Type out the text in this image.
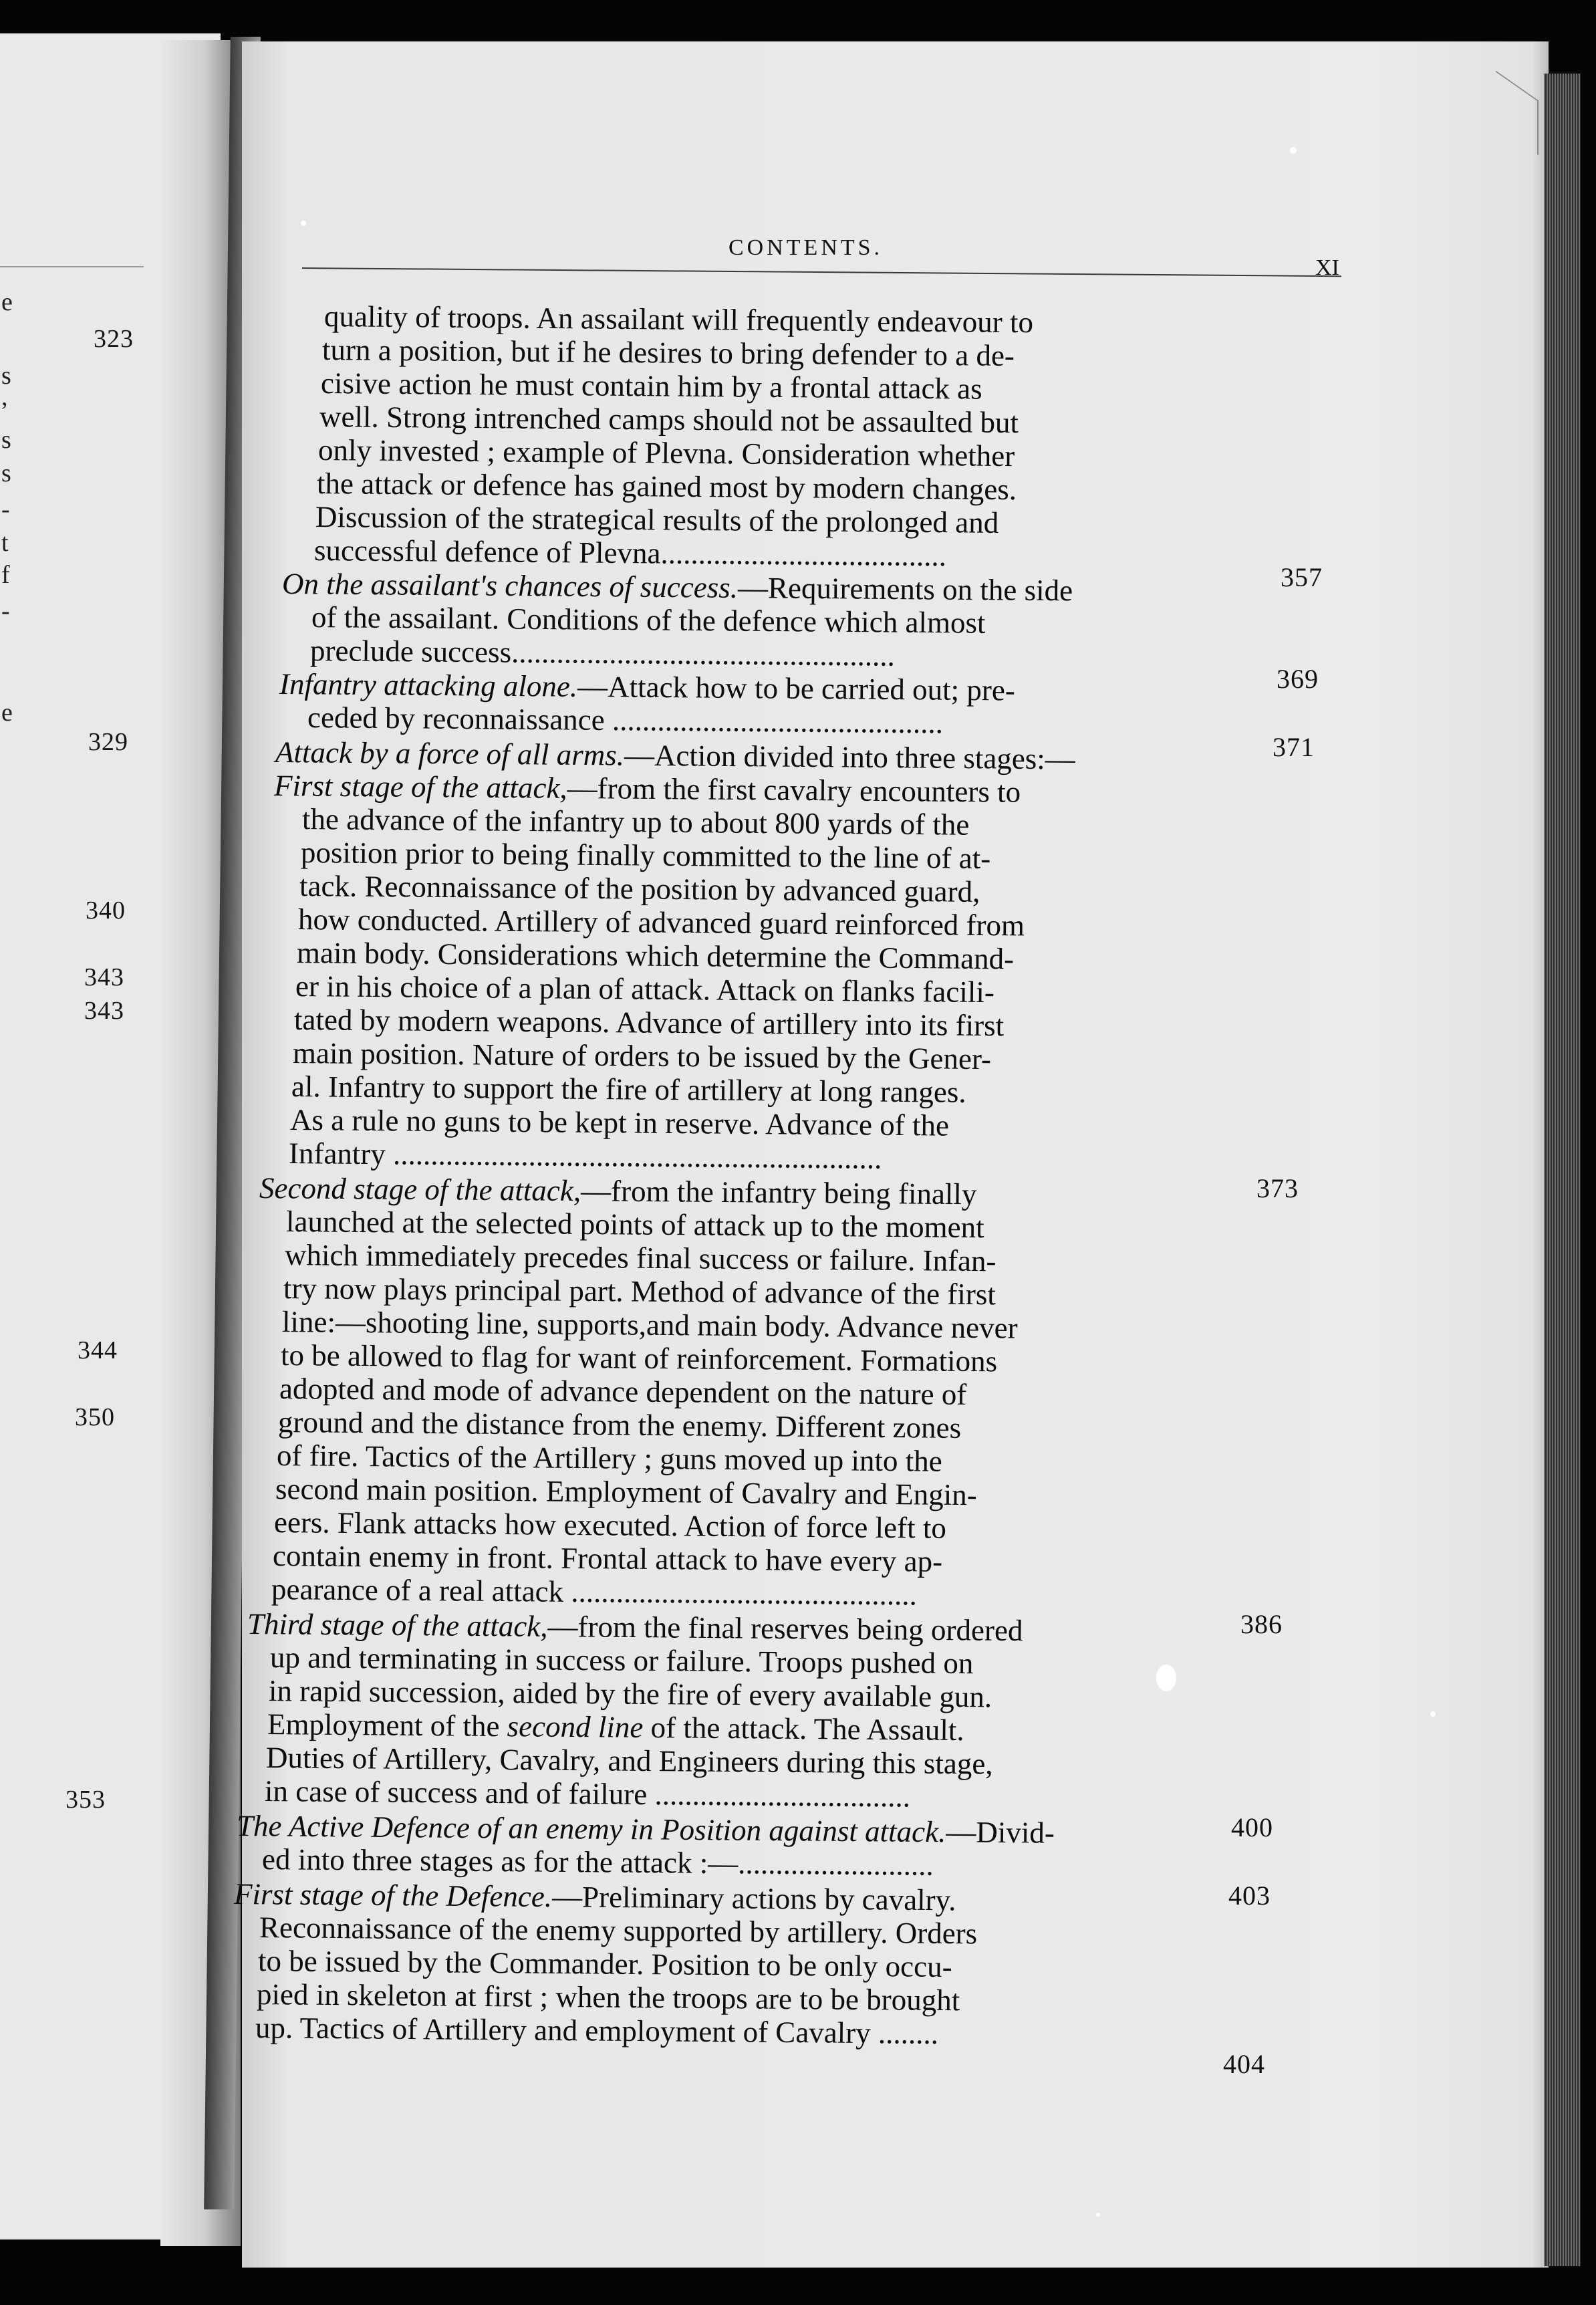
e
s
,
s
s
-
t
f
-
e
323
329
340
343
343
344
350
353
CONTENTS.
XI
quality of troops. An assailant will frequently endeavour to
turn a position, but if he desires to bring defender to a de-
cisive action he must contain him by a frontal attack as
well. Strong intrenched camps should not be assaulted but
only invested ; example of Plevna. Consideration whether
the attack or defence has gained most by modern changes.
Discussion of the strategical results of the prolonged and
successful defence of Plevna......................................
On the assailant's chances of success.—Requirements on the side
of the assailant. Conditions of the defence which almost
preclude success...................................................
Infantry attacking alone.—Attack how to be carried out; pre-
ceded by reconnaissance ............................................
Attack by a force of all arms.—Action divided into three stages:—
First stage of the attack,—from the first cavalry encounters to
the advance of the infantry up to about 800 yards of the
position prior to being finally committed to the line of at-
tack. Reconnaissance of the position by advanced guard,
how conducted. Artillery of advanced guard reinforced from
main body. Considerations which determine the Command-
er in his choice of a plan of attack. Attack on flanks facili-
tated by modern weapons. Advance of artillery into its first
main position. Nature of orders to be issued by the Gener-
al. Infantry to support the fire of artillery at long ranges.
As a rule no guns to be kept in reserve. Advance of the
Infantry .................................................................
Second stage of the attack,—from the infantry being finally
launched at the selected points of attack up to the moment
which immediately precedes final success or failure. Infan-
try now plays principal part. Method of advance of the first
line:—shooting line, supports,and main body. Advance never
to be allowed to flag for want of reinforcement. Formations
adopted and mode of advance dependent on the nature of
ground and the distance from the enemy. Different zones
of fire. Tactics of the Artillery ; guns moved up into the
second main position. Employment of Cavalry and Engin-
eers. Flank attacks how executed. Action of force left to
contain enemy in front. Frontal attack to have every ap-
pearance of a real attack ..............................................
Third stage of the attack,—from the final reserves being ordered
up and terminating in success or failure. Troops pushed on
in rapid succession, aided by the fire of every available gun.
Employment of the second line of the attack. The Assault.
Duties of Artillery, Cavalry, and Engineers during this stage,
in case of success and of failure ..................................
The Active Defence of an enemy in Position against attack.—Divid-
ed into three stages as for the attack :—..........................
First stage of the Defence.—Preliminary actions by cavalry.
Reconnaissance of the enemy supported by artillery. Orders
to be issued by the Commander. Position to be only occu-
pied in skeleton at first ; when the troops are to be brought
up. Tactics of Artillery and employment of Cavalry ........
357
369
371
373
386
400
403
404
